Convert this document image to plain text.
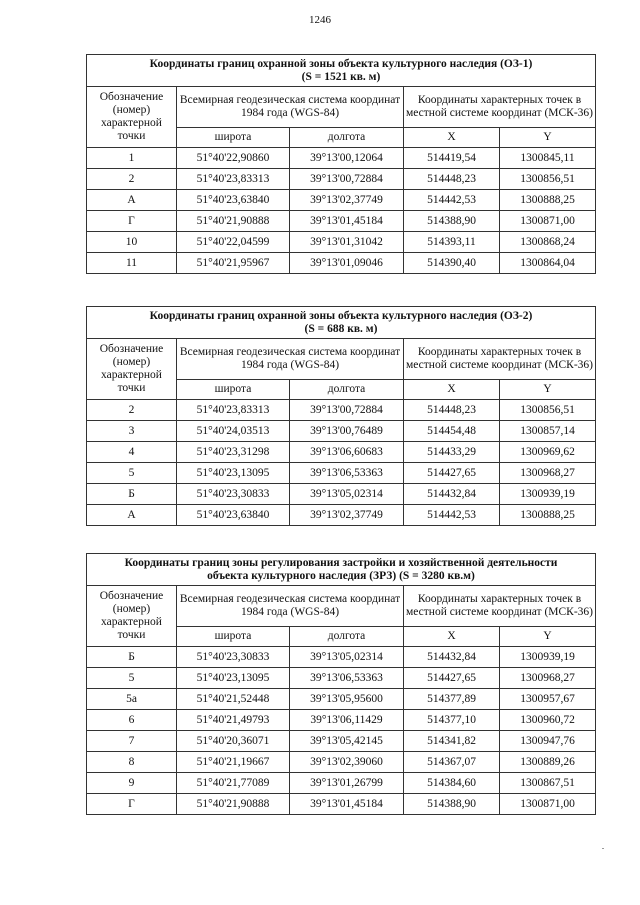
1246
Координаты границ охранной зоны объекта культурного наследия (ОЗ-1)
(S = 1521 кв. м)				
Обозначение (номер) характерной точки	Всемирная геодезическая система координат 1984 года (WGS-84)		Координаты характерных точек в местной системе координат (МСК-36)	
	широта	долгота	X	Y
1	51°40'22,90860	39°13'00,12064	514419,54	1300845,11
2	51°40'23,83313	39°13'00,72884	514448,23	1300856,51
А	51°40'23,63840	39°13'02,37749	514442,53	1300888,25
Г	51°40'21,90888	39°13'01,45184	514388,90	1300871,00
10	51°40'22,04599	39°13'01,31042	514393,11	1300868,24
11	51°40'21,95967	39°13'01,09046	514390,40	1300864,04
Координаты границ охранной зоны объекта культурного наследия (ОЗ-2)
(S = 688 кв. м)				
Обозначение (номер) характерной точки	Всемирная геодезическая система координат 1984 года (WGS-84)		Координаты характерных точек в местной системе координат (МСК-36)	
	широта	долгота	X	Y
2	51°40'23,83313	39°13'00,72884	514448,23	1300856,51
3	51°40'24,03513	39°13'00,76489	514454,48	1300857,14
4	51°40'23,31298	39°13'06,60683	514433,29	1300969,62
5	51°40'23,13095	39°13'06,53363	514427,65	1300968,27
Б	51°40'23,30833	39°13'05,02314	514432,84	1300939,19
А	51°40'23,63840	39°13'02,37749	514442,53	1300888,25
Координаты границ зоны регулирования застройки и хозяйственной деятельности
объекта культурного наследия (ЗРЗ) (S = 3280 кв.м)				
Обозначение (номер) характерной точки	Всемирная геодезическая система координат 1984 года (WGS-84)		Координаты характерных точек в местной системе координат (МСК-36)	
	широта	долгота	X	Y
Б	51°40'23,30833	39°13'05,02314	514432,84	1300939,19
5	51°40'23,13095	39°13'06,53363	514427,65	1300968,27
5а	51°40'21,52448	39°13'05,95600	514377,89	1300957,67
6	51°40'21,49793	39°13'06,11429	514377,10	1300960,72
7	51°40'20,36071	39°13'05,42145	514341,82	1300947,76
8	51°40'21,19667	39°13'02,39060	514367,07	1300889,26
9	51°40'21,77089	39°13'01,26799	514384,60	1300867,51
Г	51°40'21,90888	39°13'01,45184	514388,90	1300871,00
